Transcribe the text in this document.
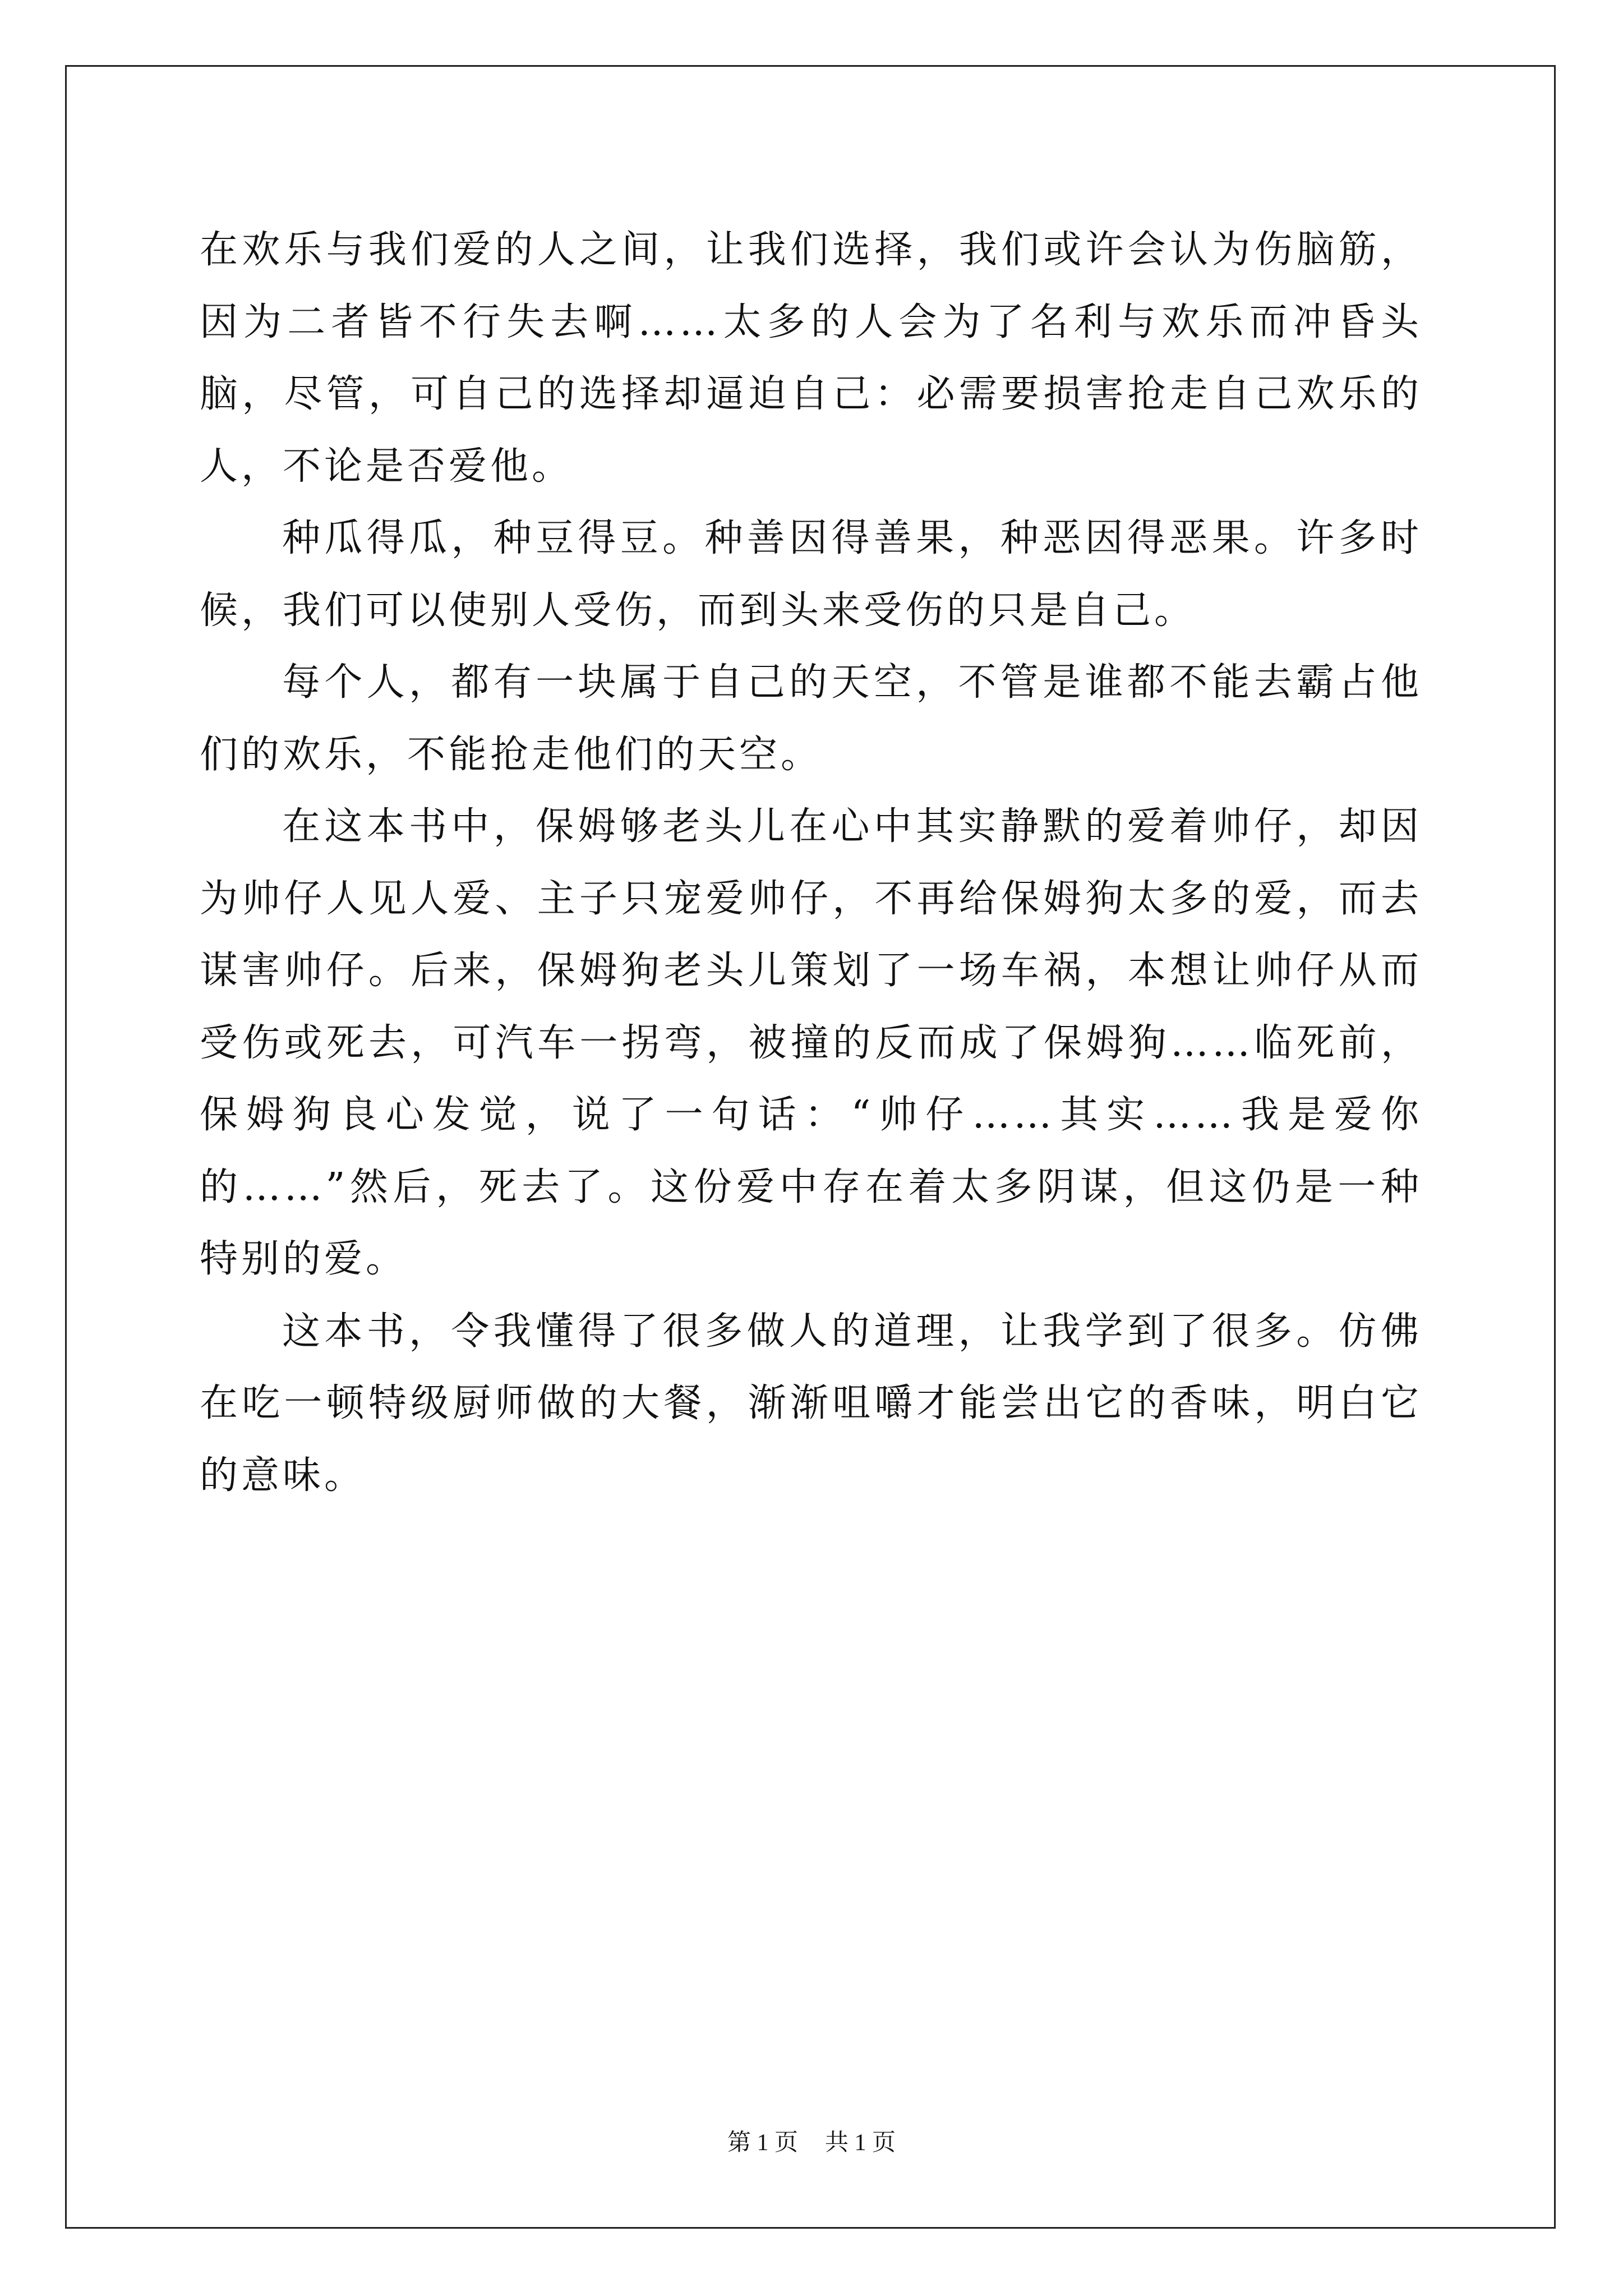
在欢乐与我们爱的人之间，让我们选择，我们或许会认为伤脑筋，因为二者皆不行失去啊……太多的人会为了名利与欢乐而冲昏头脑，尽管，可自己的选择却逼迫自己：必需要损害抢走自己欢乐的人，不论是否爱他。

种瓜得瓜，种豆得豆。种善因得善果，种恶因得恶果。许多时候，我们可以使别人受伤，而到头来受伤的只是自己。

每个人，都有一块属于自己的天空，不管是谁都不能去霸占他们的欢乐，不能抢走他们的天空。

在这本书中，保姆够老头儿在心中其实静默的爱着帅仔，却因为帅仔人见人爱、主子只宠爱帅仔，不再给保姆狗太多的爱，而去谋害帅仔。后来，保姆狗老头儿策划了一场车祸，本想让帅仔从而受伤或死去，可汽车一拐弯，被撞的反而成了保姆狗……临死前，保姆狗良心发觉，说了一句话：“帅仔……其实……我是爱你的……”然后，死去了。这份爱中存在着太多阴谋，但这仍是一种特别的爱。

这本书，令我懂得了很多做人的道理，让我学到了很多。仿佛在吃一顿特级厨师做的大餐，渐渐咀嚼才能尝出它的香味，明白它的意味。

第 1 页 共 1 页
